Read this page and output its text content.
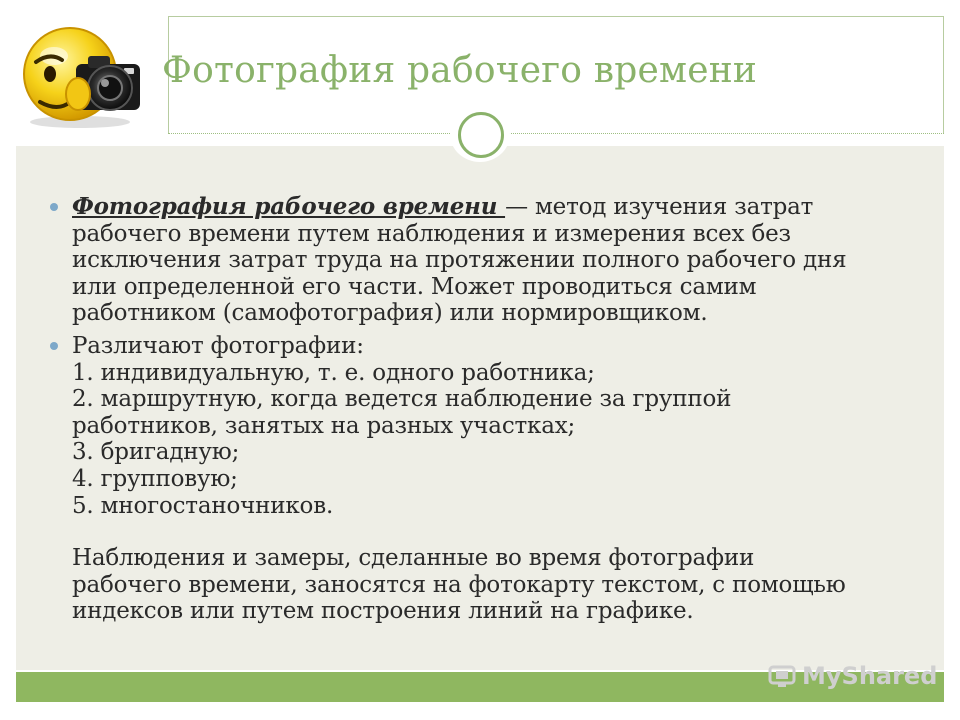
Фотография рабочего времени
Фотография рабочего времени — метод изучения затрат
рабочего времени путем наблюдения и измерения всех без
исключения затрат труда на протяжении полного рабочего дня
или определенной его части. Может проводиться самим
работником (самофотография) или нормировщиком.
Различают фотографии:
1. индивидуальную, т. е. одного работника;
2. маршрутную, когда ведется наблюдение за группой
работников, занятых на разных участках;
3. бригадную;
4. групповую;
5. многостаночников.
Наблюдения и замеры, сделанные во время фотографии
рабочего времени, заносятся на фотокарту текстом, с помощью
индексов или путем построения линий на графике.
MyShared
